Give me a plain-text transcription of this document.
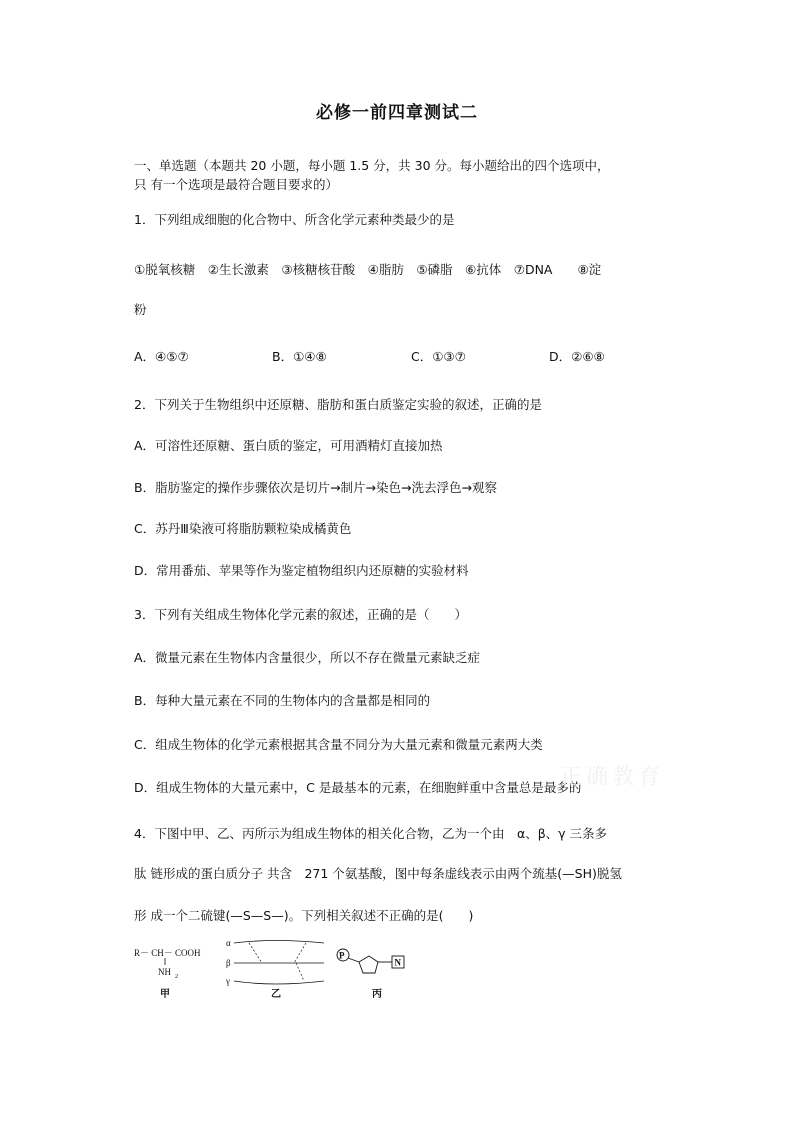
必修一前四章测试二
一、单选题（本题共 20 小题，每小题 1.5 分，共 30 分。每小题给出的四个选项中，
只 有一个选项是最符合题目要求的）
1．下列组成细胞的化合物中、所含化学元素种类最少的是
①脱氧核糖　②生长激素　③核糖核苷酸　④脂肪　⑤磷脂　⑥抗体　⑦DNA　　⑧淀
粉
A．④⑤⑦	B．①④⑧	C．①③⑦	D．②⑥⑧
2．下列关于生物组织中还原糖、脂肪和蛋白质鉴定实验的叙述，正确的是
A．可溶性还原糖、蛋白质的鉴定，可用酒精灯直接加热
B．脂肪鉴定的操作步骤依次是切片→制片→染色→洗去浮色→观察
C．苏丹Ⅲ染液可将脂肪颗粒染成橘黄色
D．常用番茄、苹果等作为鉴定植物组织内还原糖的实验材料
3．下列有关组成生物体化学元素的叙述，正确的是（　　）
A．微量元素在生物体内含量很少，所以不存在微量元素缺乏症
B．每种大量元素在不同的生物体内的含量都是相同的
C．组成生物体的化学元素根据其含量不同分为大量元素和微量元素两大类
D．组成生物体的大量元素中，C 是最基本的元素，在细胞鲜重中含量总是最多的
4．下图中甲、乙、丙所示为组成生物体的相关化合物，乙为一个由　α、β、γ 三条多
肽 链形成的蛋白质分子 共含　271 个氨基酸，图中每条虚线表示由两个巯基(—SH)脱氢
形 成一个二硫键(—S—S—)。下列相关叙述不正确的是(　　)
R－ CH－ COOH
NH 2
甲
α
β
γ
乙
P
N
丙
正确教育
